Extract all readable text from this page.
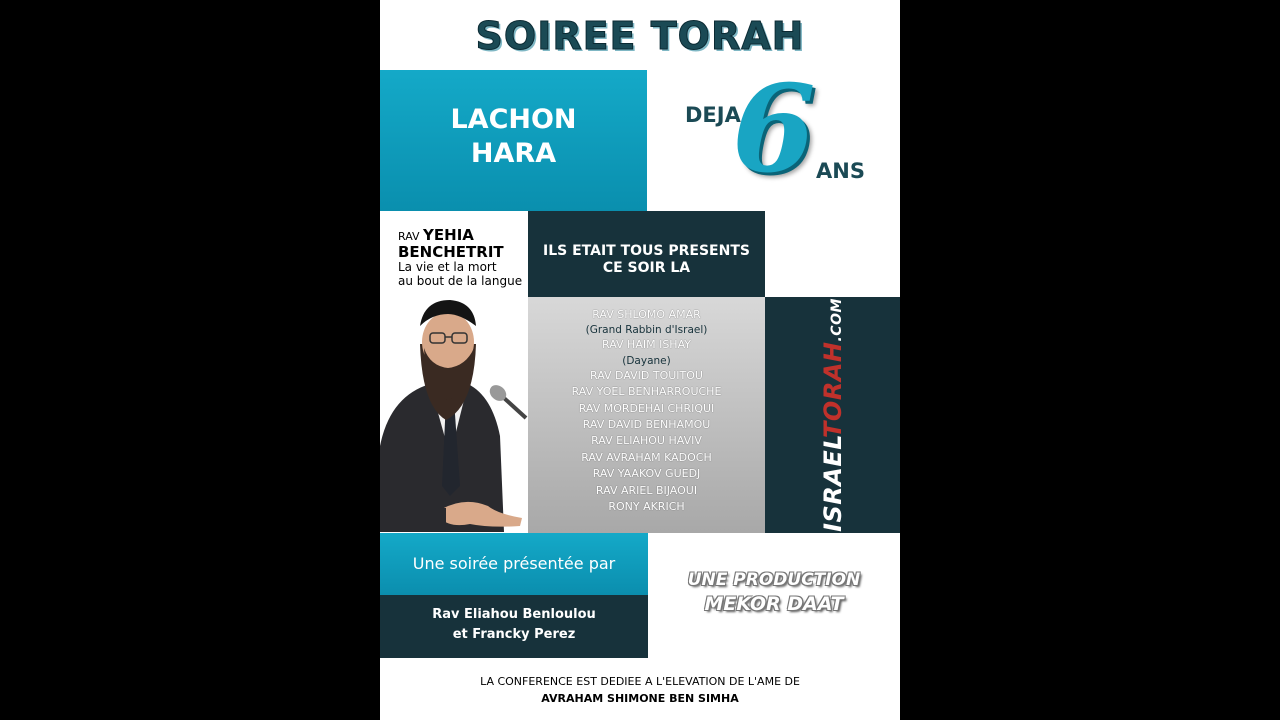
SOIREE TORAH
LACHON
HARA
DEJA
6 ANS
RAV YEHIA
BENCHETRIT
La vie et la mort
au bout de la langue
ILS ETAIT TOUS PRESENTS
CE SOIR LA
RAV SHLOMO AMAR
(Grand Rabbin d'Israel)
RAV HAIM ISHAY
(Dayane)
RAV DAVID TOUITOU
RAV YOEL BENHARROUCHE
RAV MORDEHAI CHRIQUI
RAV DAVID BENHAMOU
RAV ELIAHOU HAVIV
RAV AVRAHAM KADOCH
RAV YAAKOV GUEDJ
RAV ARIEL BIJAOUI
RONY AKRICH	ISRAELTORAH.COM
Une soirée présentée par
Rav Eliahou Benloulou
et Francky Perez
UNE PRODUCTION
MEKOR DAAT
LA CONFERENCE EST DEDIEE A L'ELEVATION DE L'AME DE
AVRAHAM SHIMONE BEN SIMHA
